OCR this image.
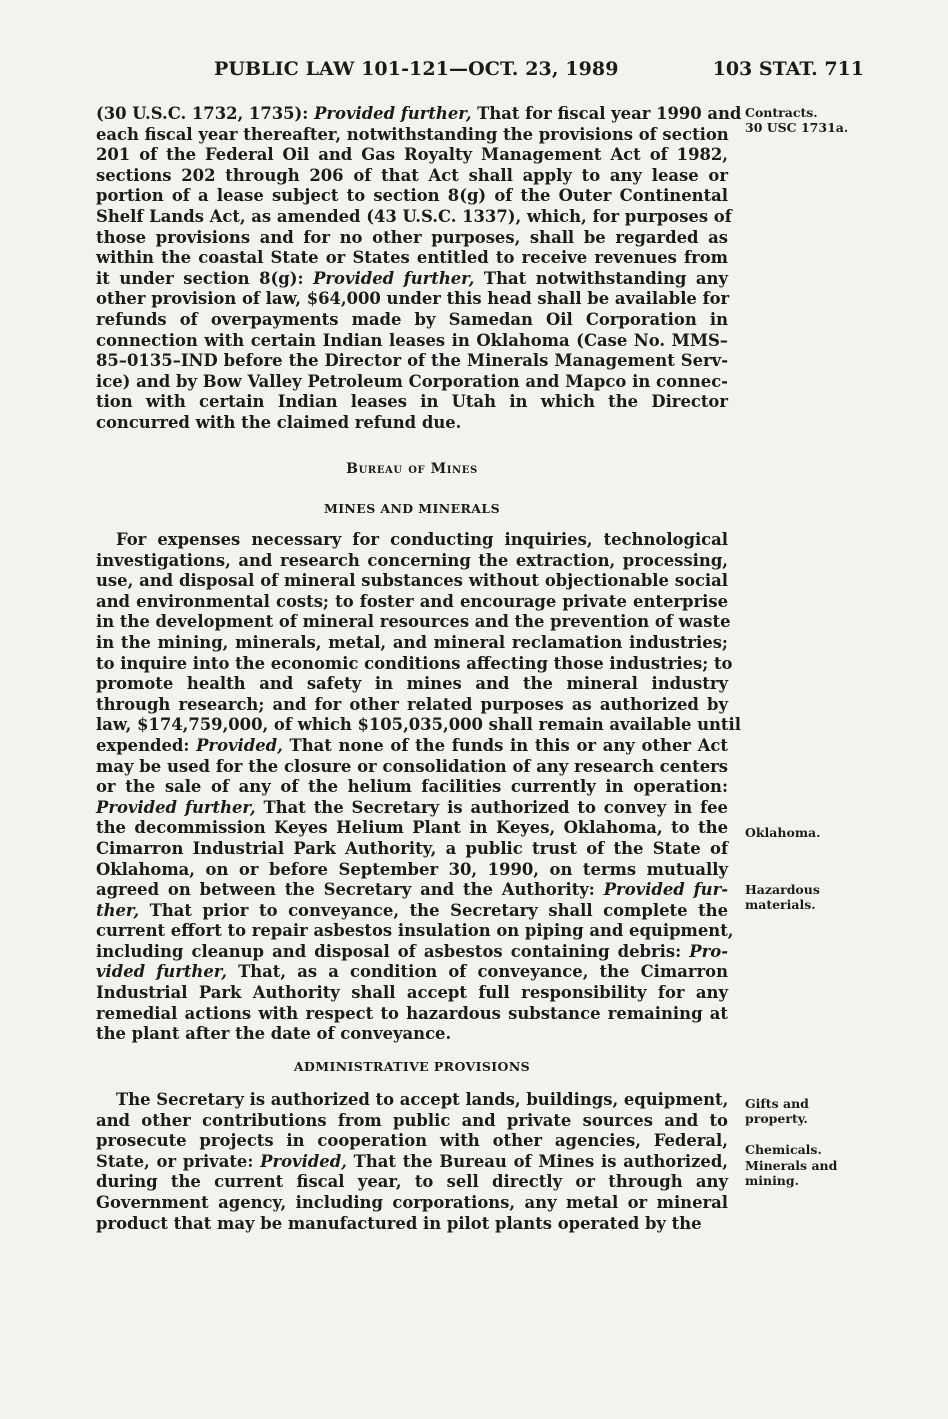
PUBLIC LAW 101-121—OCT. 23, 1989	103 STAT. 711

(30 U.S.C. 1732, 1735): Provided further, That for fiscal year 1990 and
each fiscal year thereafter, notwithstanding the provisions of section
201 of the Federal Oil and Gas Royalty Management Act of 1982,
sections 202 through 206 of that Act shall apply to any lease or
portion of a lease subject to section 8(g) of the Outer Continental
Shelf Lands Act, as amended (43 U.S.C. 1337), which, for purposes of
those provisions and for no other purposes, shall be regarded as
within the coastal State or States entitled to receive revenues from
it under section 8(g): Provided further, That notwithstanding any
other provision of law, $64,000 under this head shall be available for
refunds of overpayments made by Samedan Oil Corporation in
connection with certain Indian leases in Oklahoma (Case No. MMS–
85–0135–IND before the Director of the Minerals Management Serv-
ice) and by Bow Valley Petroleum Corporation and Mapco in connec-
tion with certain Indian leases in Utah in which the Director
concurred with the claimed refund due.

Bureau of Mines
MINES AND MINERALS

For expenses necessary for conducting inquiries, technological
investigations, and research concerning the extraction, processing,
use, and disposal of mineral substances without objectionable social
and environmental costs; to foster and encourage private enterprise
in the development of mineral resources and the prevention of waste
in the mining, minerals, metal, and mineral reclamation industries;
to inquire into the economic conditions affecting those industries; to
promote health and safety in mines and the mineral industry
through research; and for other related purposes as authorized by
law, $174,759,000, of which $105,035,000 shall remain available until
expended: Provided, That none of the funds in this or any other Act
may be used for the closure or consolidation of any research centers
or the sale of any of the helium facilities currently in operation:
Provided further, That the Secretary is authorized to convey in fee
the decommission Keyes Helium Plant in Keyes, Oklahoma, to the
Cimarron Industrial Park Authority, a public trust of the State of
Oklahoma, on or before September 30, 1990, on terms mutually
agreed on between the Secretary and the Authority: Provided fur-
ther, That prior to conveyance, the Secretary shall complete the
current effort to repair asbestos insulation on piping and equipment,
including cleanup and disposal of asbestos containing debris: Pro-
vided further, That, as a condition of conveyance, the Cimarron
Industrial Park Authority shall accept full responsibility for any
remedial actions with respect to hazardous substance remaining at
the plant after the date of conveyance.

ADMINISTRATIVE PROVISIONS

The Secretary is authorized to accept lands, buildings, equipment,
and other contributions from public and private sources and to
prosecute projects in cooperation with other agencies, Federal,
State, or private: Provided, That the Bureau of Mines is authorized,
during the current fiscal year, to sell directly or through any
Government agency, including corporations, any metal or mineral
product that may be manufactured in pilot plants operated by the

Contracts.
30 USC 1731a.
Oklahoma.
Hazardous
materials.
Gifts and
property.
Chemicals.
Minerals and
mining.
